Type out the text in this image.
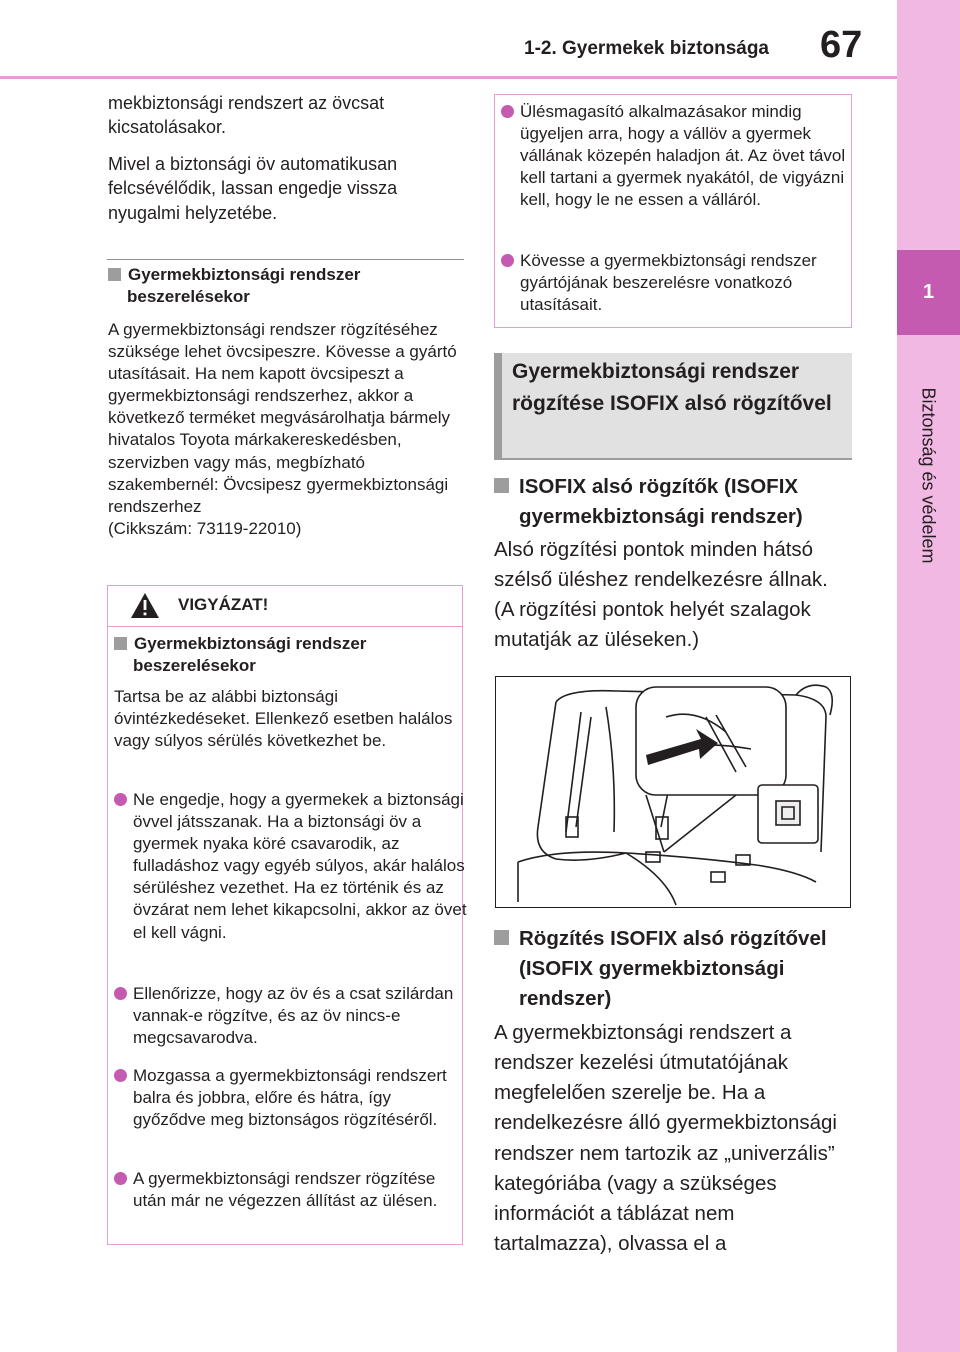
1-2. Gyermekek biztonsága 67
1
Biztonság és védelem
mekbiztonsági rendszert az övcsat kicsatolásakor.
Mivel a biztonsági öv automatikusan felcsévélődik, lassan engedje vissza nyugalmi helyzetébe.
Gyermekbiztonsági rendszer beszerelésekor
A gyermekbiztonsági rendszer rögzítéséhez szüksége lehet övcsipeszre. Kövesse a gyártó utasításait. Ha nem kapott övcsipeszt a gyermekbiztonsági rendszerhez, akkor a következő terméket megvásárolhatja bármely hivatalos Toyota márkakereskedésben, szervizben vagy más, megbízható szakembernél: Övcsipesz gyermekbiztonsági rendszerhez
(Cikkszám: 73119-22010)
VIGYÁZAT!
Gyermekbiztonsági rendszer beszerelésekor
Tartsa be az alábbi biztonsági óvintézkedéseket. Ellenkező esetben halálos vagy súlyos sérülés következhet be.
Ne engedje, hogy a gyermekek a biztonsági övvel játsszanak. Ha a biztonsági öv a gyermek nyaka köré csavarodik, az fulladáshoz vagy egyéb súlyos, akár halálos sérüléshez vezethet. Ha ez történik és az övzárat nem lehet kikapcsolni, akkor az övet el kell vágni.
Ellenőrizze, hogy az öv és a csat szilárdan vannak-e rögzítve, és az öv nincs-e megcsavarodva.
Mozgassa a gyermekbiztonsági rendszert balra és jobbra, előre és hátra, így győződve meg biztonságos rögzítéséről.
A gyermekbiztonsági rendszer rögzítése után már ne végezzen állítást az ülésen.
Ülésmagasító alkalmazásakor mindig ügyeljen arra, hogy a vállöv a gyermek vállának közepén haladjon át. Az övet távol kell tartani a gyermek nyakától, de vigyázni kell, hogy le ne essen a válláról.
Kövesse a gyermekbiztonsági rendszer gyártójának beszerelésre vonatkozó utasításait.
Gyermekbiztonsági rendszer rögzítése ISOFIX alsó rögzítővel
ISOFIX alsó rögzítők (ISOFIX gyermekbiztonsági rendszer)
Alsó rögzítési pontok minden hátsó szélső üléshez rendelkezésre állnak. (A rögzítési pontok helyét szalagok mutatják az üléseken.)
Rögzítés ISOFIX alsó rögzítővel (ISOFIX gyermekbiztonsági rendszer)
A gyermekbiztonsági rendszert a rendszer kezelési útmutatójának megfelelően szerelje be. Ha a rendelkezésre álló gyermekbiztonsági rendszer nem tartozik az „univerzális” kategóriába (vagy a szükséges információt a táblázat nem tartalmazza), olvassa el a
